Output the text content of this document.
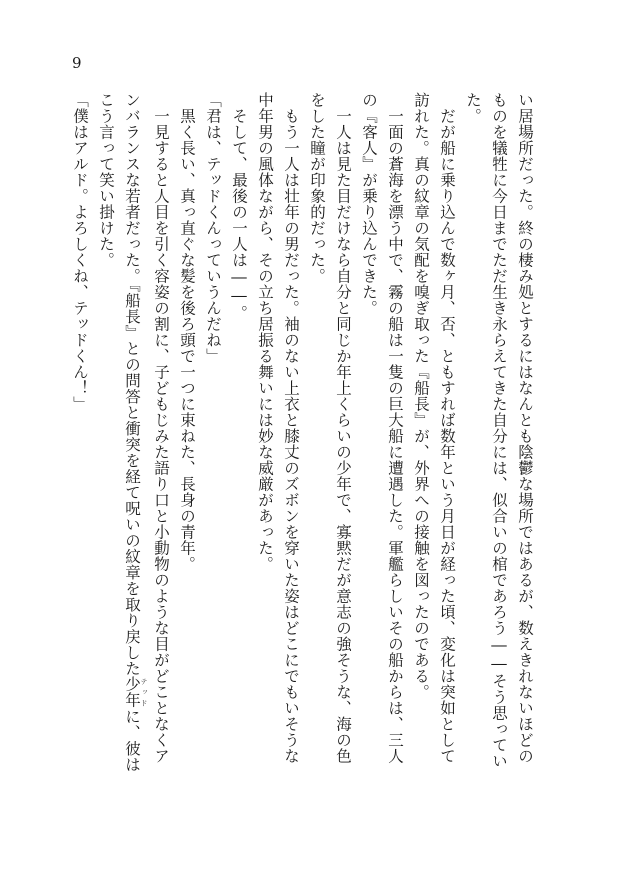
9
い居場所だった。終の棲み処とするにはなんとも陰鬱な場所ではあるが、数えきれないほどの
ものを犠牲に今日までただ生き永らえてきた自分には、似合いの棺であろう――そう思ってい
た。
　だが船に乗り込んで数ヶ月、否、ともすれば数年という月日が経った頃、変化は突如として
訪れた。真の紋章の気配を嗅ぎ取った『船長』が、外界への接触を図ったのである。
　一面の蒼海を漂う中で、霧の船は一隻の巨大船に遭遇した。軍艦らしいその船からは、三人
の『客人』が乗り込んできた。
　一人は見た目だけなら自分と同じか年上くらいの少年で、寡黙だが意志の強そうな、海の色
をした瞳が印象的だった。
　もう一人は壮年の男だった。袖のない上衣と膝丈のズボンを穿いた姿はどこにでもいそうな
中年男の風体ながら、その立ち居振る舞いには妙な威厳があった。
　そして、最後の一人は――。
「君は、テッドくんっていうんだね」
　黒く長い、真っ直ぐな髪を後ろ頭で一つに束ねた、長身の青年。
　一見すると人目を引く容姿の割に、子どもじみた語り口と小動物のような目がどことなくア
ンバランスな若者だった。『船長』との問答と衝突を経て呪いの紋章を取り戻した少年 テッドに、彼は
こう言って笑い掛けた。
「僕はアルド。よろしくね、テッドくん！」
